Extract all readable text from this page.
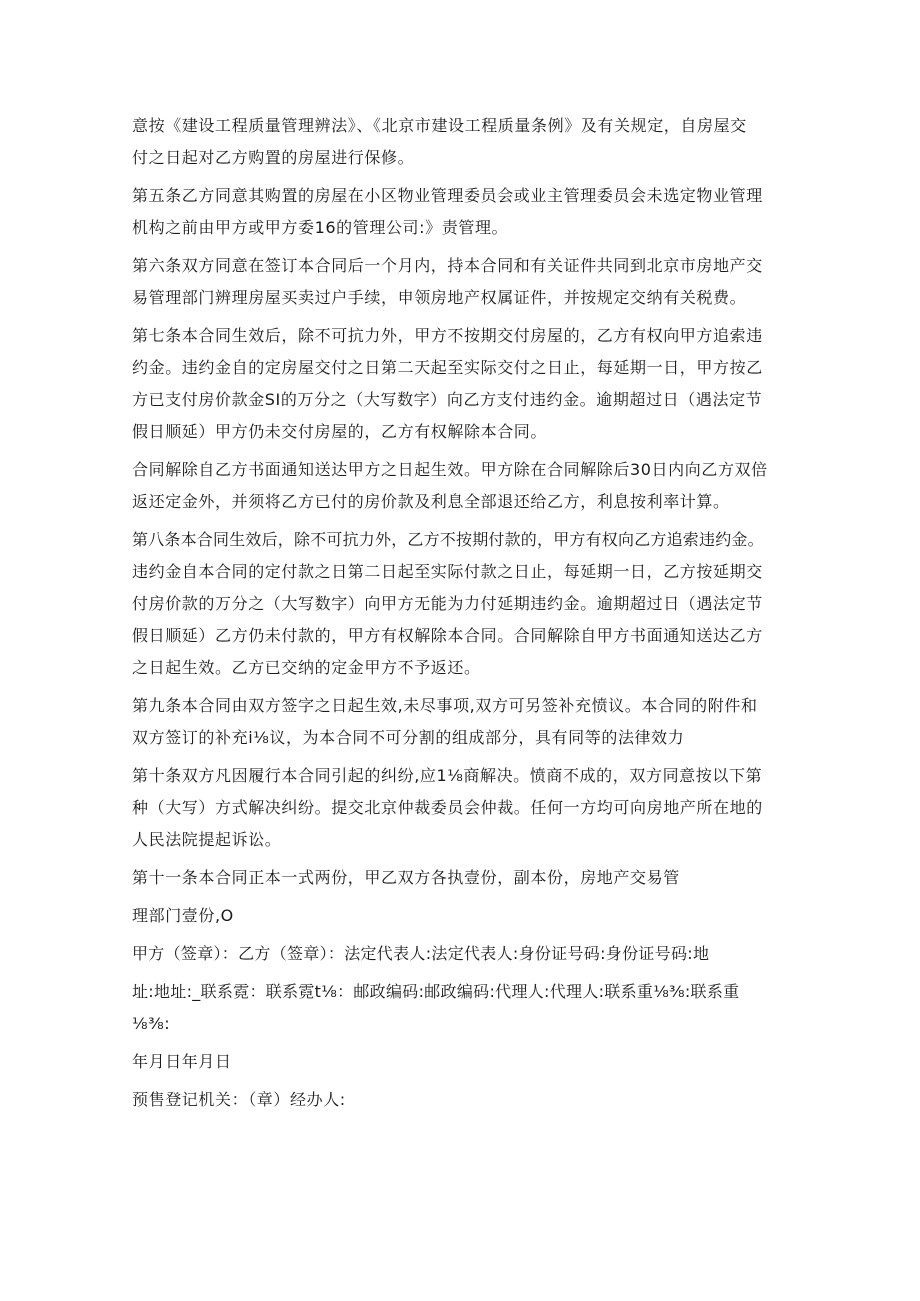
意按《建设工程质量管理辨法》、《北京市建设工程质量条例》及有关规定，自房屋交
付之日起对乙方购置的房屋进行保修。
第五条乙方同意其购置的房屋在小区物业管理委员会或业主管理委员会未选定物业管理
机构之前由甲方或甲方委16的管理公司:》责管理。
第六条双方同意在签订本合同后一个月内，持本合同和有关证件共同到北京市房地产交
易管理部门辨理房屋买卖过户手续，申领房地产权属证件，并按规定交纳有关税费。
第七条本合同生效后，除不可抗力外，甲方不按期交付房屋的，乙方有权向甲方追索违
约金。违约金自的定房屋交付之日第二天起至实际交付之日止，每延期一日，甲方按乙
方已支付房价款金SI的万分之（大写数字）向乙方支付违约金。逾期超过日（遇法定节
假日顺延）甲方仍未交付房屋的，乙方有权解除本合同。
合同解除自乙方书面通知送达甲方之日起生效。甲方除在合同解除后30日内向乙方双倍
返还定金外，并须将乙方已付的房价款及利息全部退还给乙方，利息按利率计算。
第八条本合同生效后，除不可抗力外，乙方不按期付款的，甲方有权向乙方追索违约金。
违约金自本合同的定付款之日第二日起至实际付款之日止，每延期一日，乙方按延期交
付房价款的万分之（大写数字）向甲方无能为力付延期违约金。逾期超过日（遇法定节
假日顺延）乙方仍未付款的，甲方有权解除本合同。合同解除自甲方书面通知送达乙方
之日起生效。乙方已交纳的定金甲方不予返还。
第九条本合同由双方签字之日起生效,未尽事项,双方可另签补充愤议。本合同的附件和
双方签订的补充i⅛议，为本合同不可分割的组成部分，具有同等的法律效力
第十条双方凡因履行本合同引起的纠纷,应1⅛商解决。愤商不成的，双方同意按以下第
种（大写）方式解决纠纷。提交北京仲裁委员会仲裁。任何一方均可向房地产所在地的
人民法院提起诉讼。
第十一条本合同正本一式两份，甲乙双方各执壹份，副本份，房地产交易管
理部门壹份,O
甲方（签章）：乙方（签章）：法定代表人:法定代表人:身份证号码:身份证号码:地
址:地址:_联系霓：联系霓t⅛：邮政编码:邮政编码:代理人:代理人:联系重⅛⅜:联系重
⅛⅜:
年月日年月日
预售登记机关：（章）经办人:
